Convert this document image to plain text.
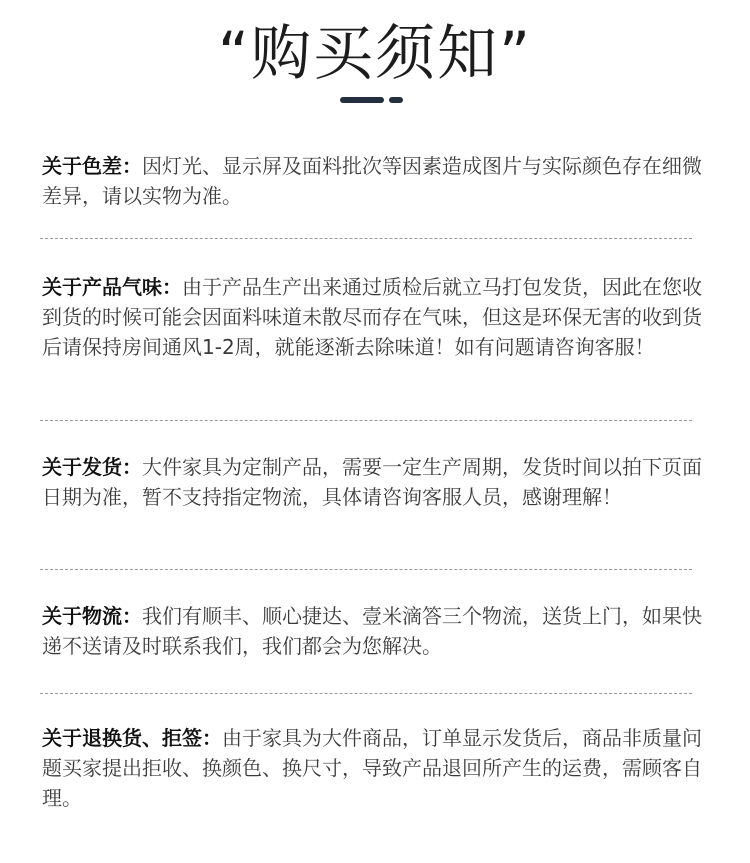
“购买须知”
关于色差：因灯光、显示屏及面料批次等因素造成图片与实际颜色存在细微差异，请以实物为准。
关于产品气味：由于产品生产出来通过质检后就立马打包发货，因此在您收到货的时候可能会因面料味道未散尽而存在气味，但这是环保无害的收到货后请保持房间通风1-2周，就能逐渐去除味道！如有问题请咨询客服！
关于发货：大件家具为定制产品，需要一定生产周期，发货时间以拍下页面日期为准，暂不支持指定物流，具体请咨询客服人员，感谢理解！
关于物流：我们有顺丰、顺心捷达、壹米滴答三个物流，送货上门，如果快递不送请及时联系我们，我们都会为您解决。
关于退换货、拒签：由于家具为大件商品，订单显示发货后，商品非质量问题买家提出拒收、换颜色、换尺寸，导致产品退回所产生的运费，需顾客自理。
